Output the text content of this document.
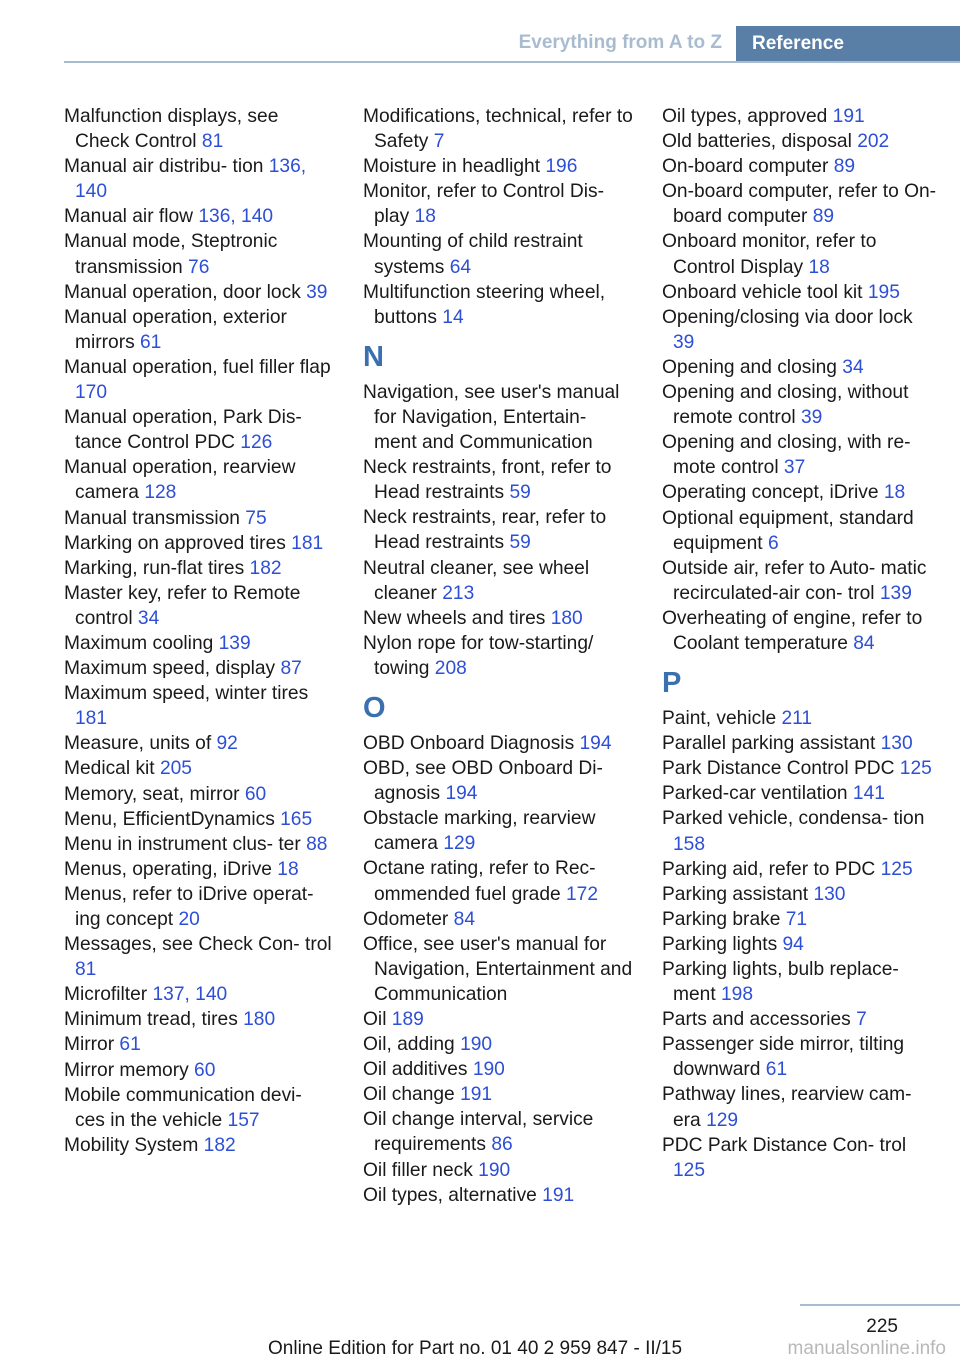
Everything from A to Z	Reference
Malfunction displays, see Check Control 81
Manual air distribu‐ tion 136, 140
Manual air flow 136, 140
Manual mode, Steptronic transmission 76
Manual operation, door lock 39
Manual operation, exterior mirrors 61
Manual operation, fuel filler flap 170
Manual operation, Park Dis‐ tance Control PDC 126
Manual operation, rearview camera 128
Manual transmission 75
Marking on approved tires 181
Marking, run-flat tires 182
Master key, refer to Remote control 34
Maximum cooling 139
Maximum speed, display 87
Maximum speed, winter tires 181
Measure, units of 92
Medical kit 205
Memory, seat, mirror 60
Menu, EfficientDynamics 165
Menu in instrument clus‐ ter 88
Menus, operating, iDrive 18
Menus, refer to iDrive operat‐ ing concept 20
Messages, see Check Con‐ trol 81
Microfilter 137, 140
Minimum tread, tires 180
Mirror 61
Mirror memory 60
Mobile communication devi‐ ces in the vehicle 157
Mobility System 182
Modifications, technical, refer to Safety 7
Moisture in headlight 196
Monitor, refer to Control Dis‐ play 18
Mounting of child restraint systems 64
Multifunction steering wheel, buttons 14
N
Navigation, see user's manual for Navigation, Entertain‐ ment and Communication
Neck restraints, front, refer to Head restraints 59
Neck restraints, rear, refer to Head restraints 59
Neutral cleaner, see wheel cleaner 213
New wheels and tires 180
Nylon rope for tow-starting/ towing 208
O
OBD Onboard Diagnosis 194
OBD, see OBD Onboard Di‐ agnosis 194
Obstacle marking, rearview camera 129
Octane rating, refer to Rec‐ ommended fuel grade 172
Odometer 84
Office, see user's manual for Navigation, Entertainment and Communication
Oil 189
Oil, adding 190
Oil additives 190
Oil change 191
Oil change interval, service requirements 86
Oil filler neck 190
Oil types, alternative 191
Oil types, approved 191
Old batteries, disposal 202
On-board computer 89
On-board computer, refer to On-board computer 89
Onboard monitor, refer to Control Display 18
Onboard vehicle tool kit 195
Opening/closing via door lock 39
Opening and closing 34
Opening and closing, without remote control 39
Opening and closing, with re‐ mote control 37
Operating concept, iDrive 18
Optional equipment, standard equipment 6
Outside air, refer to Auto‐ matic recirculated-air con‐ trol 139
Overheating of engine, refer to Coolant temperature 84
P
Paint, vehicle 211
Parallel parking assistant 130
Park Distance Control PDC 125
Parked-car ventilation 141
Parked vehicle, condensa‐ tion 158
Parking aid, refer to PDC 125
Parking assistant 130
Parking brake 71
Parking lights 94
Parking lights, bulb replace‐ ment 198
Parts and accessories 7
Passenger side mirror, tilting downward 61
Pathway lines, rearview cam‐ era 129
PDC Park Distance Con‐ trol 125
225
Online Edition for Part no. 01 40 2 959 847 - II/15	manualsonline.info
